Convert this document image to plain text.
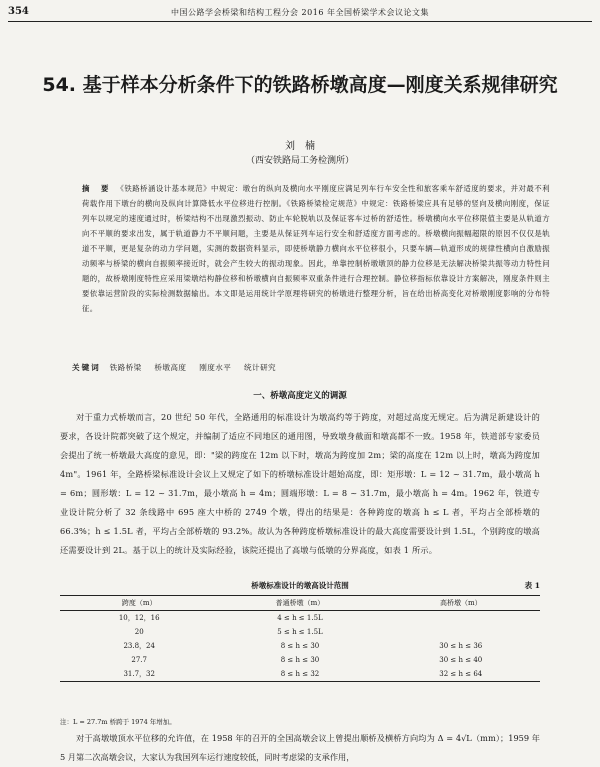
354	中国公路学会桥梁和结构工程分会 2016 年全国桥梁学术会议论文集
54. 基于样本分析条件下的铁路桥墩高度—刚度关系规律研究
刘　楠
（西安铁路局工务检测所）
摘　要 《铁路桥涵设计基本规范》中规定：墩台的纵向及横向水平刚度应满足列车行车安全性和旅客乘车舒适度的要求，并对最不利荷载作用下墩台的横向及纵向计算降低水平位移进行控制。《铁路桥梁检定规范》中规定：铁路桥梁应具有足够的竖向及横向刚度，保证列车以规定的速度通过时，桥梁结构不出现激烈振动、防止车轮脱轨以及保证客车过桥的舒适性。桥墩横向水平位移限值主要是从轨道方向不平顺的要求出发，属于轨道静力不平顺问题，主要是从保证列车运行安全和舒适度方面考虑的。桥墩横向振幅超限的原因不仅仅是轨道不平顺，更是复杂的动力学问题，实测的数据资料显示，即使桥墩静力横向水平位移很小，只要车辆—轨道形成的规律性横向自激励振动频率与桥梁的横向自振频率接近时，就会产生较大的振动现象。因此，单靠控制桥墩墩顶的静力位移是无法解决桥梁共振等动力特性问题的，故桥墩刚度特性应采用梁墩结构静位移和桥墩横向自振频率双重条件进行合理控制。静位移指标依靠设计方案解决，刚度条件则主要依靠运营阶段的实际检测数据输出。本文即是运用统计学原理将研究的桥墩进行整理分析，旨在给出桥高变化对桥墩刚度影响的分布特征。
关键词 铁路桥梁 桥墩高度 刚度水平 统计研究
一、桥墩高度定义的调源

对于重力式桥墩而言，20 世纪 50 年代，全路通用的标准设计为墩高约等于跨度，对超过高度无规定。后为满足新建设计的要求，各设计院都突破了这个规定，并编制了适应不同地区的通用图，导致墩身截面和墩高都不一致。1958 年，铁道部专家委员会提出了统一桥墩最大高度的意见，即："梁的跨度在 12m 以下时，墩高为跨度加 2m；梁的高度在 12m 以上时，墩高为跨度加 4m"。1961 年，全路桥梁标准设计会议上又规定了如下的桥墩标准设计超始高度，即：矩形墩：L = 12 ~ 31.7m，最小墩高 h = 6m；圆形墩：L = 12 ~ 31.7m，最小墩高 h = 4m；圆端形墩：L = 8 ~ 31.7m，最小墩高 h = 4m。1962 年，铁道专业设计院分析了 32 条线路中 695 座大中桥的 2749 个墩，得出的结果是：各种跨度的墩高 h ≤ L 者，平均占全部桥墩的 66.3%；h ≤ 1.5L 者，平均占全部桥墩的 93.2%。故认为各种跨度桥墩标准设计的最大高度需要设计到 1.5L，个别跨度的墩高还需要设计到 2L。基于以上的统计及实际经验，该院还提出了高墩与低墩的分界高度，如表 1 所示。

桥墩标准设计的墩高设计范围	表 1
跨度（m）	普通桥墩（m）	高桥墩（m）
10，12，16	4 ≤ h ≤ 1.5L	
20	5 ≤ h ≤ 1.5L	
23.8，24	8 ≤ h ≤ 30	30 ≤ h ≤ 36
27.7	8 ≤ h ≤ 30	30 ≤ h ≤ 40
31.7，32	8 ≤ h ≤ 32	32 ≤ h ≤ 64
注：L = 27.7m 桥跨于 1974 年增加。

对于高墩墩顶水平位移的允许值，在 1958 年的召开的全国高墩会议上曾提出顺桥及横桥方向均为 Δ = 4√L（mm）；1959 年 5 月第二次高墩会议，大家认为我国列车运行速度较低，同时考虑梁的支承作用，
